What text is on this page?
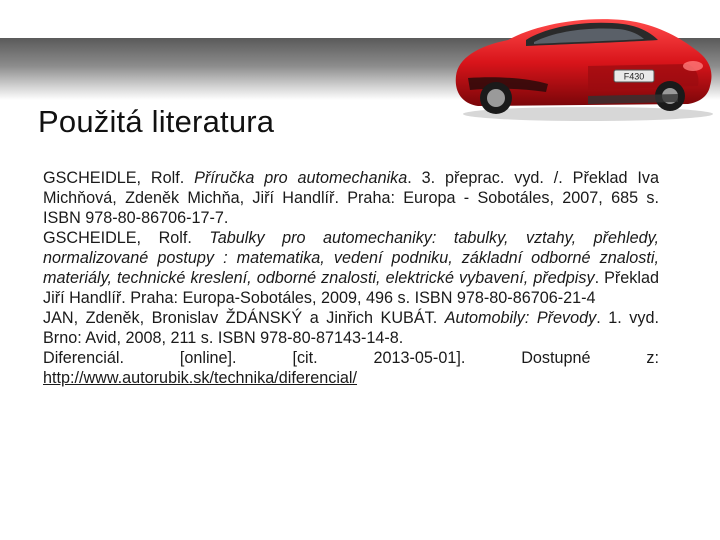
F430
Použitá literatura

GSCHEIDLE, Rolf. Příručka pro automechanika. 3. přeprac. vyd. /. Překlad Iva Michňová, Zdeněk Michňa, Jiří Handlíř. Praha: Europa - Sobotáles, 2007, 685 s. ISBN 978-80-86706-17-7.

GSCHEIDLE, Rolf. Tabulky pro automechaniky: tabulky, vztahy, přehledy, normalizované postupy : matematika, vedení podniku, základní odborné znalosti, materiály, technické kreslení, odborné znalosti, elektrické vybavení, předpisy. Překlad Jiří Handlíř. Praha: Europa-Sobotáles, 2009, 496 s. ISBN 978-80-86706-21-4

JAN, Zdeněk, Bronislav ŽDÁNSKÝ a Jinřich KUBÁT. Automobily: Převody. 1. vyd. Brno: Avid, 2008, 211 s. ISBN 978-80-87143-14-8.

Diferenciál. [online]. [cit. 2013-05-01]. Dostupné z: http://www.autorubik.sk/technika/diferencial/
